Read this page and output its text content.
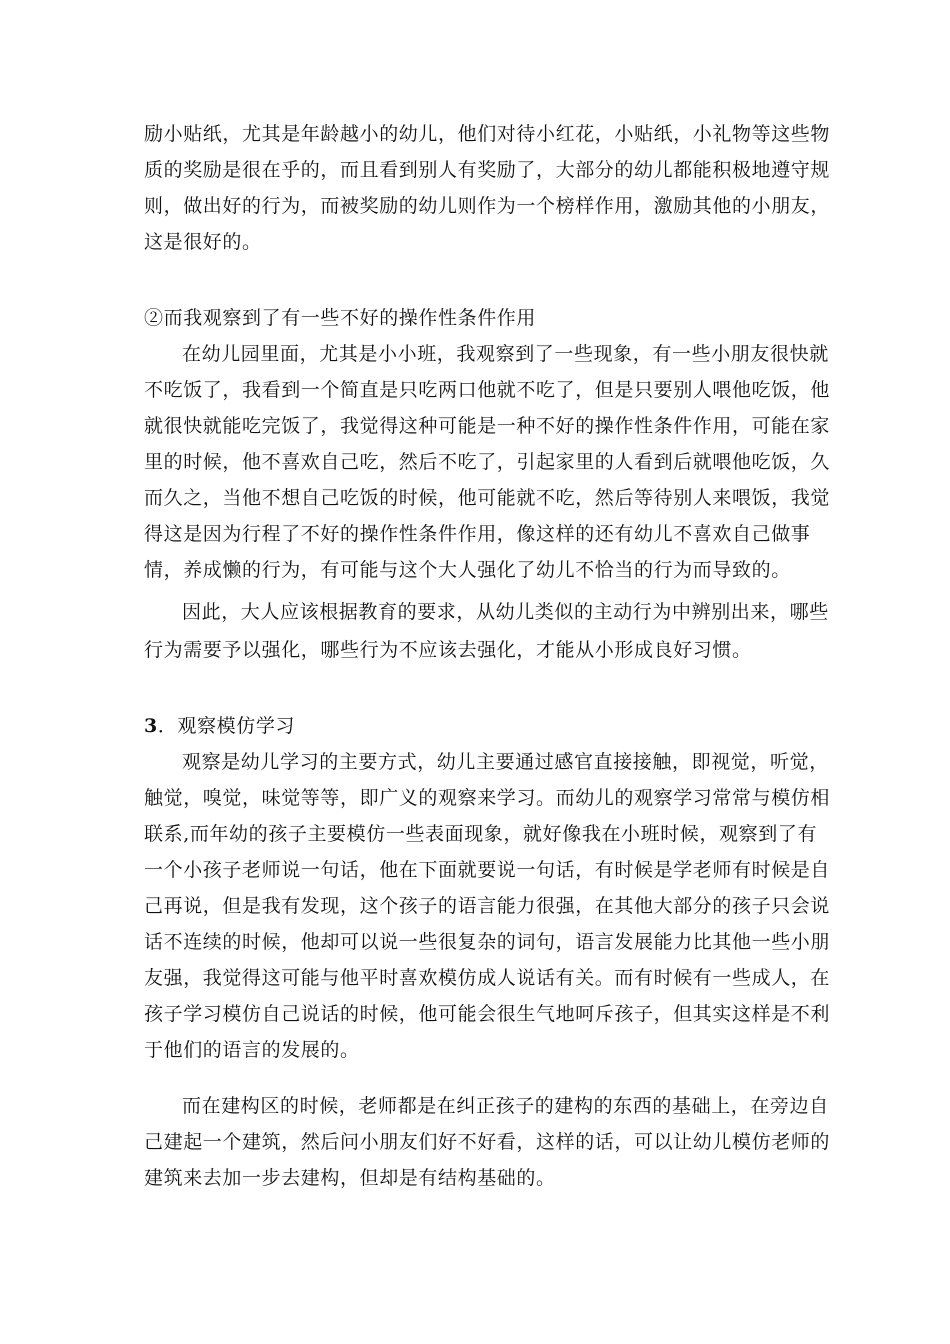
励小贴纸，尤其是年龄越小的幼儿，他们对待小红花，小贴纸，小礼物等这些物
质的奖励是很在乎的，而且看到别人有奖励了，大部分的幼儿都能积极地遵守规
则，做出好的行为，而被奖励的幼儿则作为一个榜样作用，激励其他的小朋友，
这是很好的。
②而我观察到了有一些不好的操作性条件作用
在幼儿园里面，尤其是小小班，我观察到了一些现象，有一些小朋友很快就
不吃饭了，我看到一个简直是只吃两口他就不吃了，但是只要别人喂他吃饭，他
就很快就能吃完饭了，我觉得这种可能是一种不好的操作性条件作用，可能在家
里的时候，他不喜欢自己吃，然后不吃了，引起家里的人看到后就喂他吃饭，久
而久之，当他不想自己吃饭的时候，他可能就不吃，然后等待别人来喂饭，我觉
得这是因为行程了不好的操作性条件作用，像这样的还有幼儿不喜欢自己做事
情，养成懒的行为，有可能与这个大人强化了幼儿不恰当的行为而导致的。
因此，大人应该根据教育的要求，从幼儿类似的主动行为中辨别出来，哪些
行为需要予以强化，哪些行为不应该去强化，才能从小形成良好习惯。
3．观察模仿学习
观察是幼儿学习的主要方式，幼儿主要通过感官直接接触，即视觉，听觉，
触觉，嗅觉，味觉等等，即广义的观察来学习。而幼儿的观察学习常常与模仿相
联系,而年幼的孩子主要模仿一些表面现象，就好像我在小班时候，观察到了有
一个小孩子老师说一句话，他在下面就要说一句话，有时候是学老师有时候是自
己再说，但是我有发现，这个孩子的语言能力很强，在其他大部分的孩子只会说
话不连续的时候，他却可以说一些很复杂的词句，语言发展能力比其他一些小朋
友强，我觉得这可能与他平时喜欢模仿成人说话有关。而有时候有一些成人，在
孩子学习模仿自己说话的时候，他可能会很生气地呵斥孩子，但其实这样是不利
于他们的语言的发展的。
而在建构区的时候，老师都是在纠正孩子的建构的东西的基础上，在旁边自
己建起一个建筑，然后问小朋友们好不好看，这样的话，可以让幼儿模仿老师的
建筑来去加一步去建构，但却是有结构基础的。
